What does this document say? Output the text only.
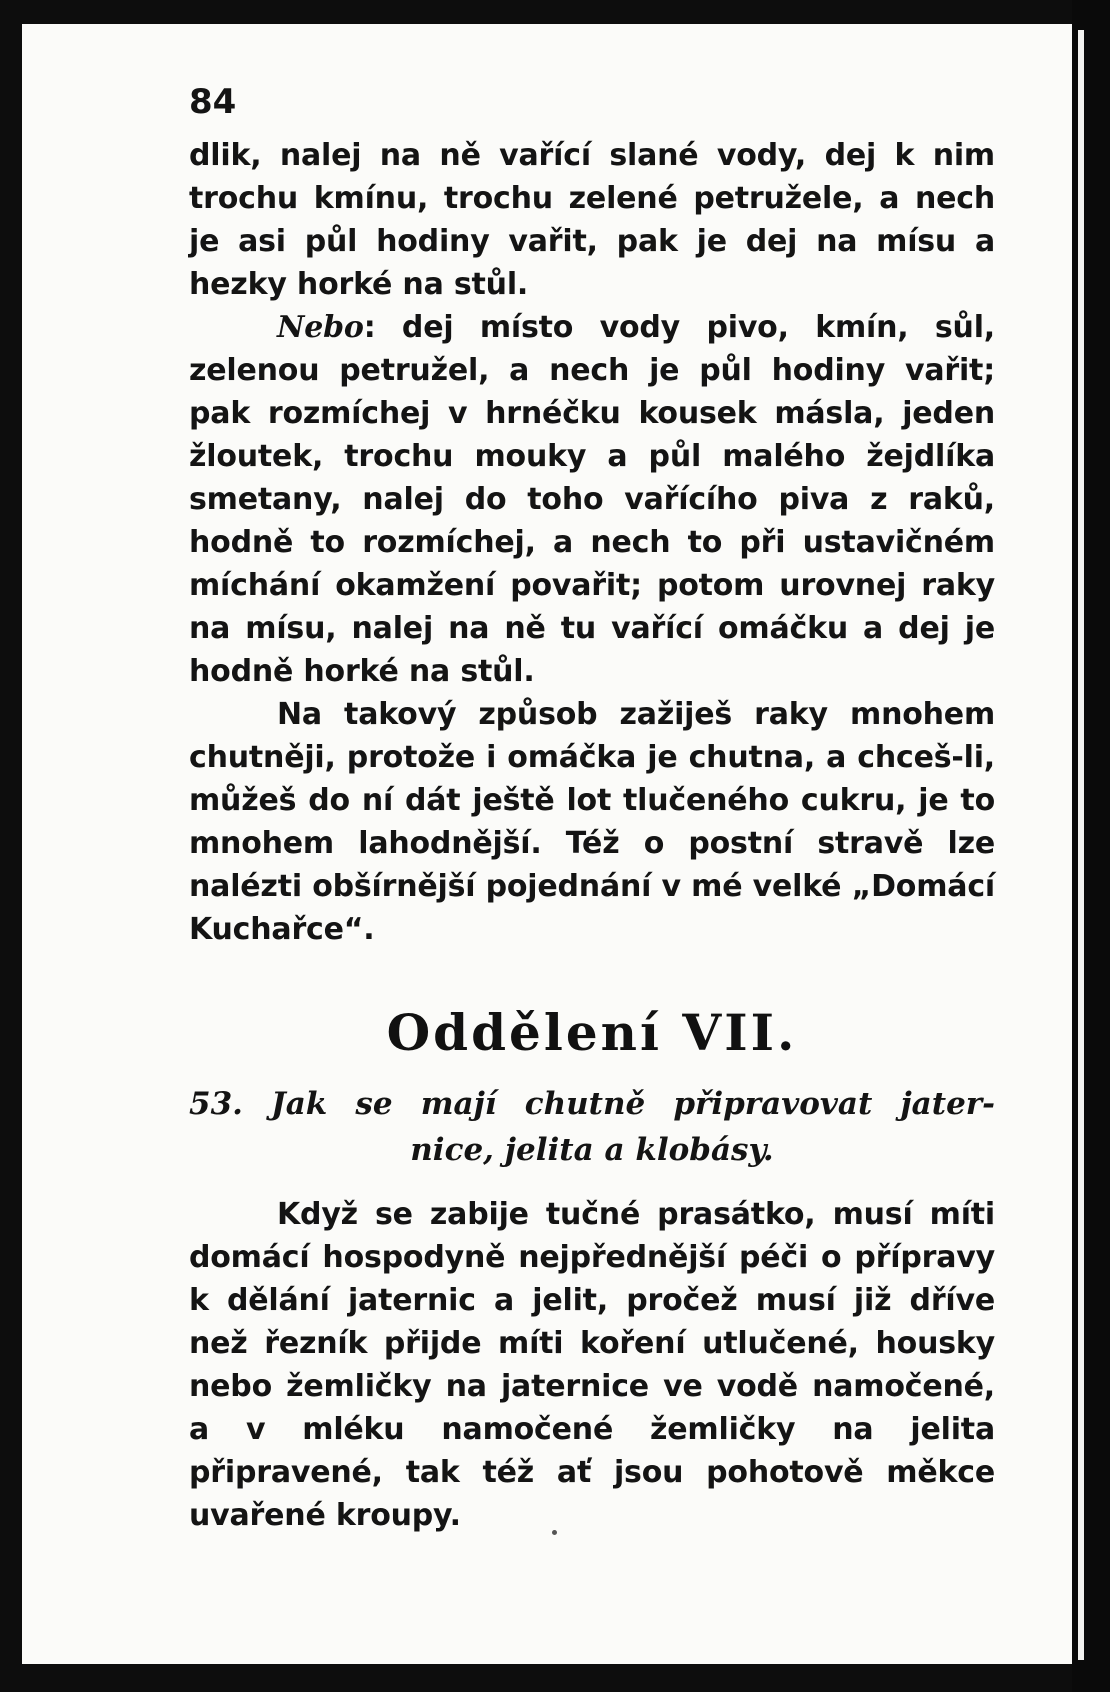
84

dlik, nalej na ně vařící slané vody, dej k nim trochu kmínu, trochu zelené petružele, a nech je asi půl hodiny vařit, pak je dej na mísu a hezky horké na stůl.

Nebo: dej místo vody pivo, kmín, sůl, zelenou petružel, a nech je půl hodiny vařit; pak rozmíchej v hrnéčku kousek másla, jeden žloutek, trochu mouky a půl malého žejdlíka smetany, nalej do toho vařícího piva z raků, hodně to rozmíchej, a nech to při ustavičném míchání okamžení povařit; potom urovnej raky na mísu, nalej na ně tu vařící omáčku a dej je hodně horké na stůl.

Na takový způsob zažiješ raky mnohem chutněji, protože i omáčka je chutna, a chceš-li, můžeš do ní dát ještě lot tlučeného cukru, je to mnohem lahodnější. Též o postní stravě lze nalézti obšírnější pojednání v mé velké „Domácí Kuchařce“.

Oddělení VII.
53. Jak se mají chutně připravovat jater-
nice, jelita a klobásy.

Když se zabije tučné prasátko, musí míti domácí hospodyně nejpřednější péči o přípravy k dělání jaternic a jelit, pročež musí již dříve než řezník přijde míti koření utlučené, housky nebo žemličky na jaternice ve vodě namočené, a v mléku namočené žemličky na jelita připravené, tak též ať jsou pohotově měkce uvařené kroupy.
